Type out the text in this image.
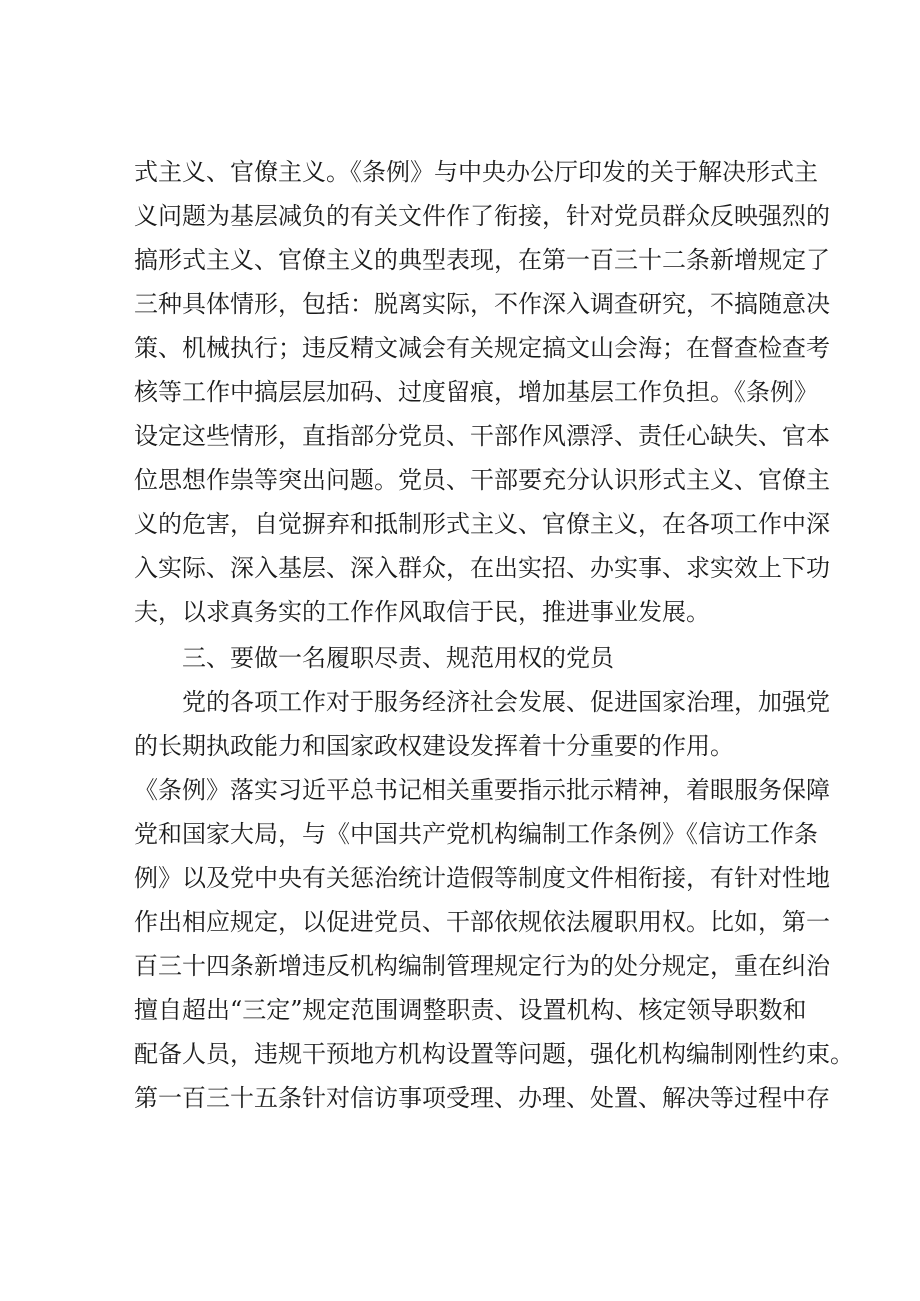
式主义、官僚主义。《条例》与中央办公厅印发的关于解决形式主
义问题为基层减负的有关文件作了衔接，针对党员群众反映强烈的
搞形式主义、官僚主义的典型表现，在第一百三十二条新增规定了
三种具体情形，包括：脱离实际，不作深入调查研究，不搞随意决
策、机械执行；违反精文减会有关规定搞文山会海；在督查检查考
核等工作中搞层层加码、过度留痕，增加基层工作负担。《条例》
设定这些情形，直指部分党员、干部作风漂浮、责任心缺失、官本
位思想作祟等突出问题。党员、干部要充分认识形式主义、官僚主
义的危害，自觉摒弃和抵制形式主义、官僚主义，在各项工作中深
入实际、深入基层、深入群众，在出实招、办实事、求实效上下功
夫，以求真务实的工作作风取信于民，推进事业发展。
三、要做一名履职尽责、规范用权的党员
党的各项工作对于服务经济社会发展、促进国家治理，加强党
的长期执政能力和国家政权建设发挥着十分重要的作用。
《条例》落实习近平总书记相关重要指示批示精神，着眼服务保障
党和国家大局，与《中国共产党机构编制工作条例》《信访工作条
例》以及党中央有关惩治统计造假等制度文件相衔接，有针对性地
作出相应规定，以促进党员、干部依规依法履职用权。比如，第一
百三十四条新增违反机构编制管理规定行为的处分规定，重在纠治
擅自超出“三定”规定范围调整职责、设置机构、核定领导职数和
配备人员，违规干预地方机构设置等问题，强化机构编制刚性约束。
第一百三十五条针对信访事项受理、办理、处置、解决等过程中存
